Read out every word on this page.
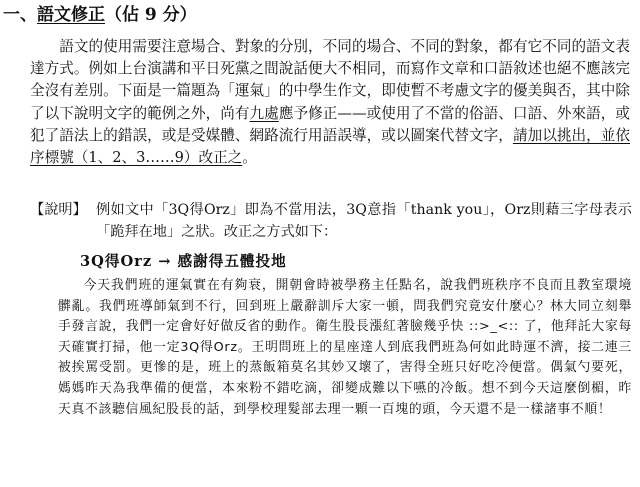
一、語文修正（佔 9 分）
語文的使用需要注意場合、對象的分別，不同的場合、不同的對象，都有它不同的語文表達方式。例如上台演講和平日死黨之間說話便大不相同，而寫作文章和口語敘述也絕不應該完全沒有差別。下面是一篇題為「運氣」的中學生作文，即使暫不考慮文字的優美與否，其中除了以下說明文字的範例之外，尚有九處應予修正——或使用了不當的俗語、口語、外來語，或犯了語法上的錯誤，或是受媒體、網路流行用語誤導，或以圖案代替文字，請加以挑出，並依序標號（1、2、3……9）改正之。
【說明】 例如文中「3Q得Orz」即為不當用法，3Q意指「thank you」，Orz則藉三字母表示「跪拜在地」之狀。改正之方式如下：
3Q得Orz → 感謝得五體投地
今天我們班的運氣實在有夠衰，開朝會時被學務主任點名，說我們班秩序不良而且教室環境髒亂。我們班導師氣到不行，回到班上嚴辭訓斥大家一頓，問我們究竟安什麼心？林大同立刻舉手發言說，我們一定會好好做反省的動作。衛生股長漲紅著臉幾乎快 ::>_<:: 了，他拜託大家每天確實打掃，他一定3Q得Orz。王明問班上的星座達人到底我們班為何如此時運不濟，接二連三被挨罵受罰。更慘的是，班上的蒸飯箱莫名其妙又壞了，害得全班只好吃冷便當。偶氣勺要死，媽媽昨天為我準備的便當，本來粉不錯吃滴，卻變成難以下嚥的冷飯。想不到今天這麼倒楣，昨天真不該聽信風紀股長的話，到學校理髮部去理一顆一百塊的頭，今天還不是一樣諸事不順！
